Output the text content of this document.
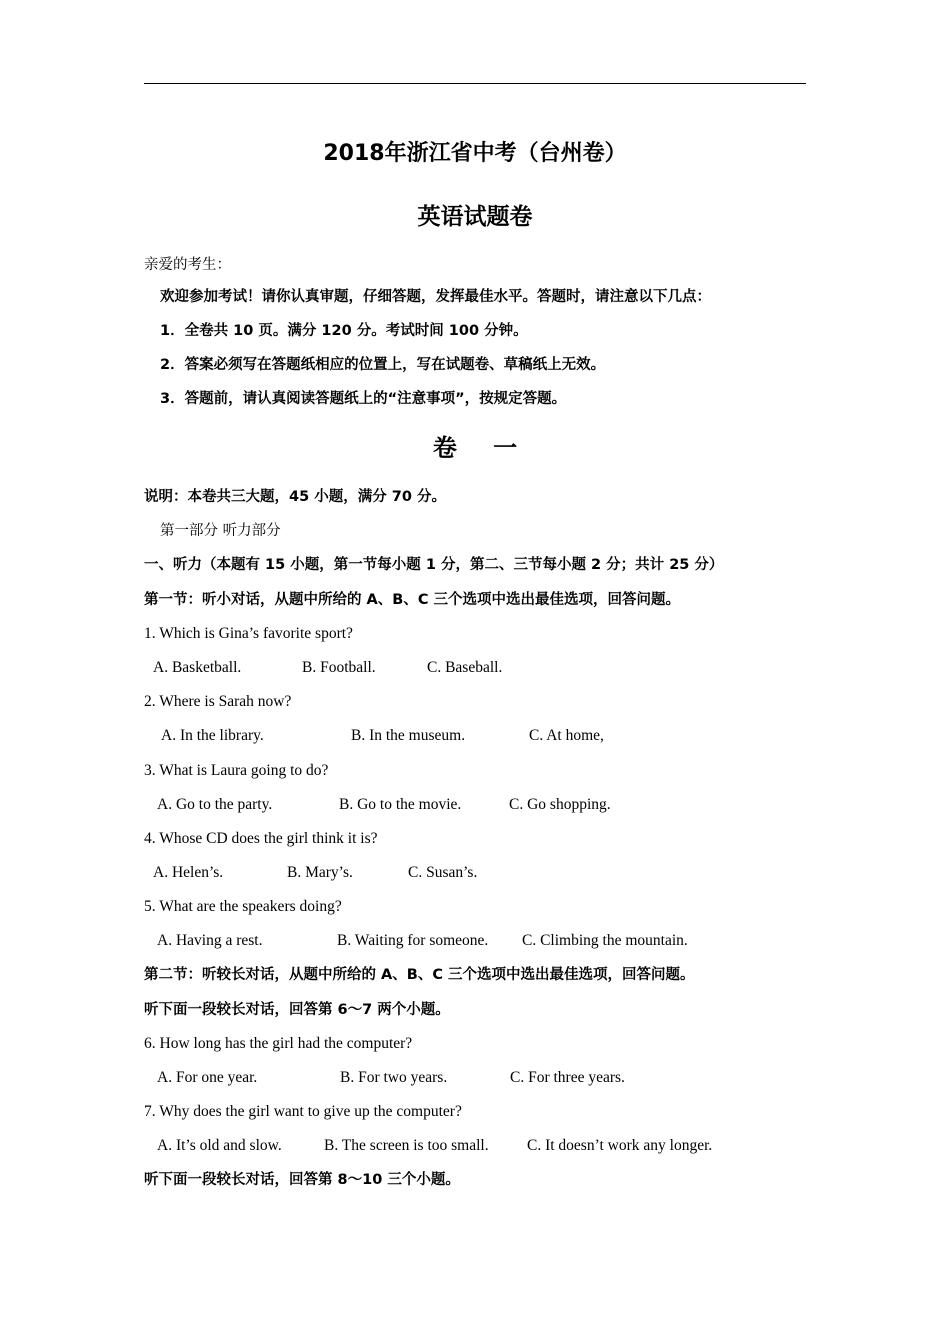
2018年浙江省中考（台州卷）
英语试题卷
亲爱的考生：
欢迎参加考试！请你认真审题，仔细答题，发挥最佳水平。答题时，请注意以下几点：
1．全卷共 10 页。满分 120 分。考试时间 100 分钟。
2．答案必须写在答题纸相应的位置上，写在试题卷、草稿纸上无效。
3．答题前，请认真阅读答题纸上的“注意事项”，按规定答题。
卷 一
说明：本卷共三大题，45 小题，满分 70 分。
第一部分 听力部分
一、听力（本题有 15 小题，第一节每小题 1 分，第二、三节每小题 2 分；共计 25 分）
第一节：听小对话，从题中所给的 A、B、C 三个选项中选出最佳选项，回答问题。
1. Which is Gina’s favorite sport?
A. Basketball.	B. Football.	C. Baseball.
2. Where is Sarah now?
A. In the library.	B. In the museum.	C. At home,
3. What is Laura going to do?
A. Go to the party.	B. Go to the movie.	C. Go shopping.
4. Whose CD does the girl think it is?
A. Helen’s.	B. Mary’s.	C. Susan’s.
5. What are the speakers doing?
A. Having a rest.	B. Waiting for someone. C. Climbing the mountain.
第二节：听较长对话，从题中所给的 A、B、C 三个选项中选出最佳选项，回答问题。
听下面一段较长对话，回答第 6～7 两个小题。
6. How long has the girl had the computer?
A. For one year.	B. For two years.	C. For three years.
7. Why does the girl want to give up the computer?
A. It’s old and slow.	B. The screen is too small. C. It doesn’t work any longer.
听下面一段较长对话，回答第 8～10 三个小题。
